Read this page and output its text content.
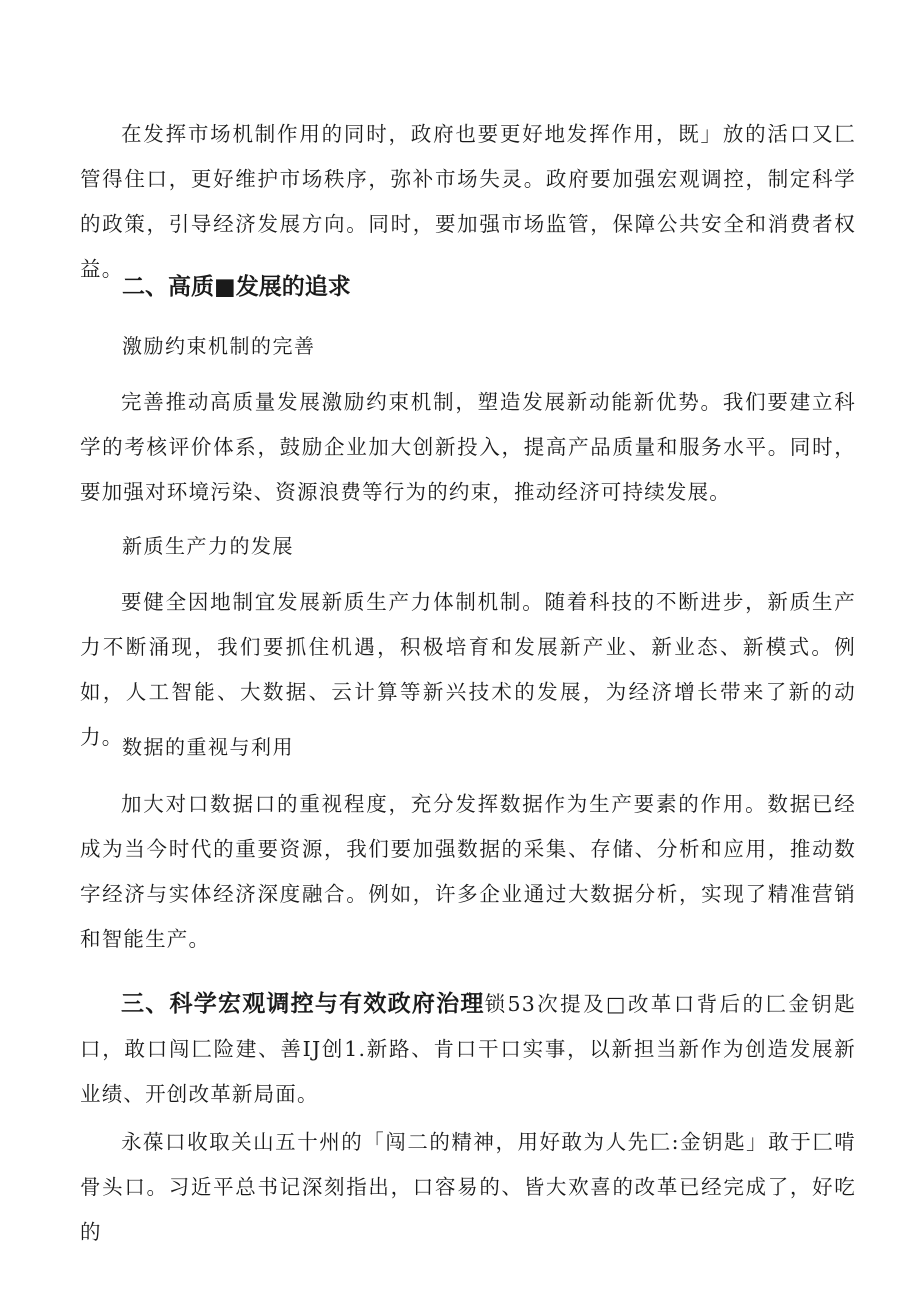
在发挥市场机制作用的同时，政府也要更好地发挥作用，既」放的活口又匚管得住口，更好维护市场秩序，弥补市场失灵。政府要加强宏观调控，制定科学的政策，引导经济发展方向。同时，要加强市场监管，保障公共安全和消费者权益。

二、高质■发展的追求

激励约束机制的完善

完善推动高质量发展激励约束机制，塑造发展新动能新优势。我们要建立科学的考核评价体系，鼓励企业加大创新投入，提高产品质量和服务水平。同时，要加强对环境污染、资源浪费等行为的约束，推动经济可持续发展。

新质生产力的发展

要健全因地制宜发展新质生产力体制机制。随着科技的不断进步，新质生产力不断涌现，我们要抓住机遇，积极培育和发展新产业、新业态、新模式。例如，人工智能、大数据、云计算等新兴技术的发展，为经济增长带来了新的动力。

数据的重视与利用

加大对口数据口的重视程度，充分发挥数据作为生产要素的作用。数据已经成为当今时代的重要资源，我们要加强数据的采集、存储、分析和应用，推动数字经济与实体经济深度融合。例如，许多企业通过大数据分析，实现了精准营销和智能生产。

三、科学宏观调控与有效政府治理锁53次提及□改革口背后的匚金钥匙口，敢口闯匚险建、善IJ创1.新路、肯口干口实事，以新担当新作为创造发展新业绩、开创改革新局面。

永葆口收取关山五十州的「闯二的精神，用好敢为人先匚:金钥匙」敢于匚啃骨头口。习近平总书记深刻指出，口容易的、皆大欢喜的改革已经完成了，好吃的
